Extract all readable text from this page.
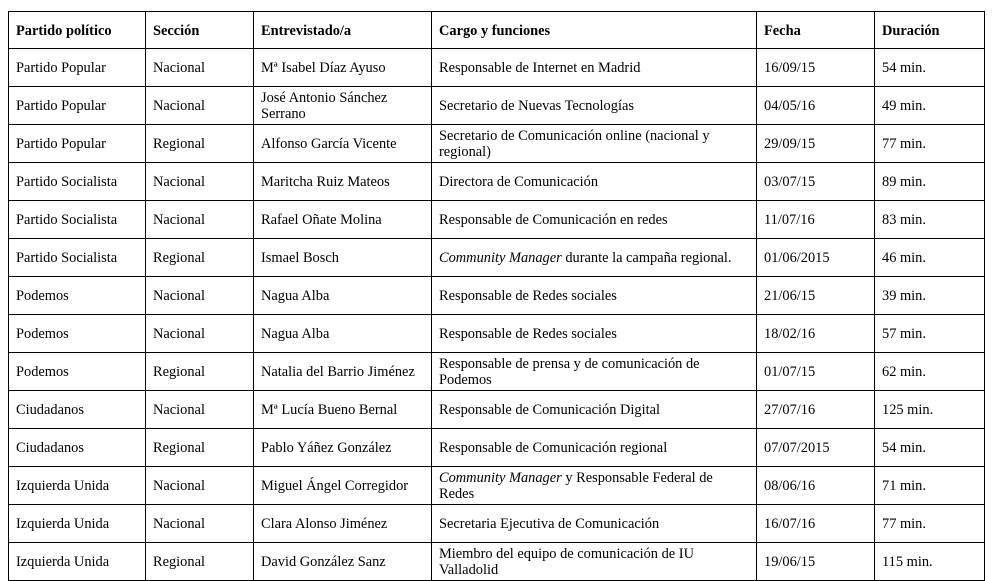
Partido político	Sección	Entrevistado/a	Cargo y funciones	Fecha	Duración
Partido Popular	Nacional	Mª Isabel Díaz Ayuso	Responsable de Internet en Madrid	16/09/15	54 min.
Partido Popular	Nacional	José Antonio Sánchez Serrano	Secretario de Nuevas Tecnologías	04/05/16	49 min.
Partido Popular	Regional	Alfonso García Vicente	Secretario de Comunicación online (nacional y regional)	29/09/15	77 min.
Partido Socialista	Nacional	Maritcha Ruiz Mateos	Directora de Comunicación	03/07/15	89 min.
Partido Socialista	Nacional	Rafael Oñate Molina	Responsable de Comunicación en redes	11/07/16	83 min.
Partido Socialista	Regional	Ismael Bosch	Community Manager durante la campaña regional.	01/06/2015	46 min.
Podemos	Nacional	Nagua Alba	Responsable de Redes sociales	21/06/15	39 min.
Podemos	Nacional	Nagua Alba	Responsable de Redes sociales	18/02/16	57 min.
Podemos	Regional	Natalia del Barrio Jiménez	Responsable de prensa y de comunicación de Podemos	01/07/15	62 min.
Ciudadanos	Nacional	Mª Lucía Bueno Bernal	Responsable de Comunicación Digital	27/07/16	125 min.
Ciudadanos	Regional	Pablo Yáñez González	Responsable de Comunicación regional	07/07/2015	54 min.
Izquierda Unida	Nacional	Miguel Ángel Corregidor	Community Manager y Responsable Federal de Redes	08/06/16	71 min.
Izquierda Unida	Nacional	Clara Alonso Jiménez	Secretaria Ejecutiva de Comunicación	16/07/16	77 min.
Izquierda Unida	Regional	David González Sanz	Miembro del equipo de comunicación de IU Valladolid	19/06/15	115 min.
